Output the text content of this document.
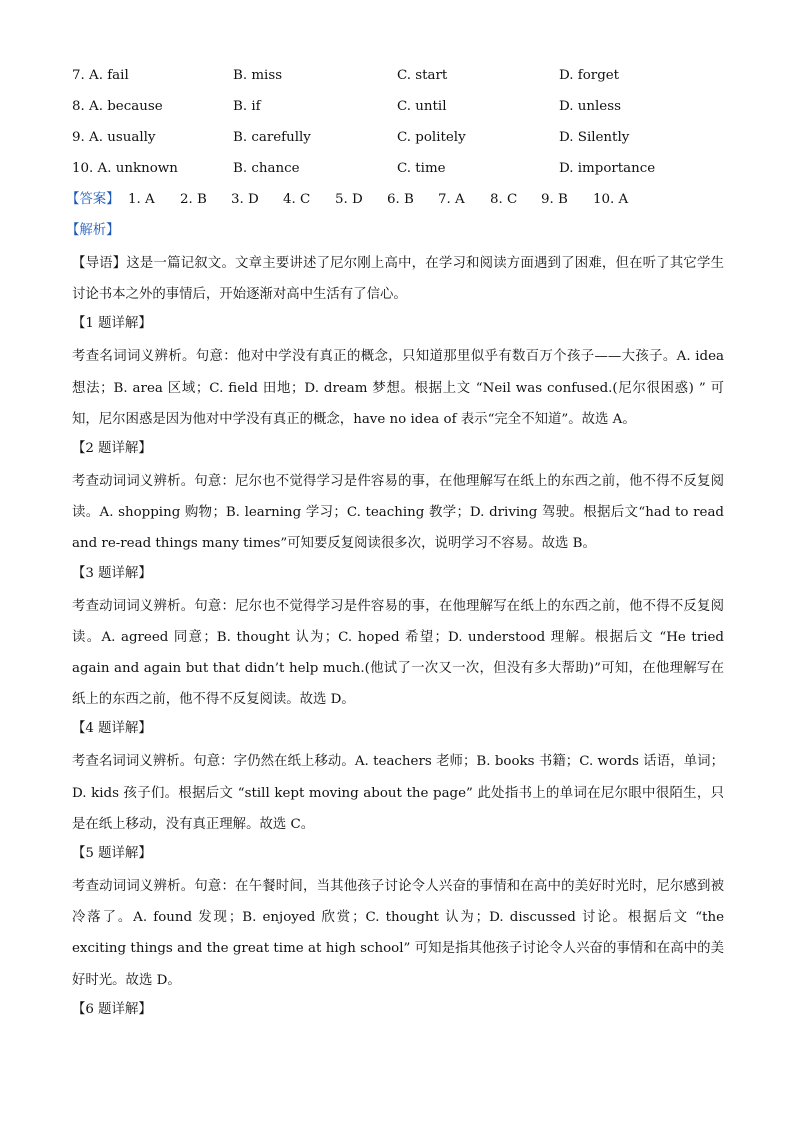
7. A. fail	B. miss	C. start	D. forget
8. A. because	B. if	C. until	D. unless
9. A. usually	B. carefully	C. politely	D. Silently
10. A. unknown	B. chance	C. time	D. importance
【答案】 1. A 2. B 3. D 4. C 5. D 6. B 7. A 8. C 9. B 10. A
【解析】

【导语】这是一篇记叙文。文章主要讲述了尼尔刚上高中，在学习和阅读方面遇到了困难，但在听了其它学生讨论书本之外的事情后，开始逐渐对高中生活有了信心。

【1 题详解】

考查名词词义辨析。句意：他对中学没有真正的概念，只知道那里似乎有数百万个孩子——大孩子。A. idea 想法；B. area 区域；C. field 田地；D. dream 梦想。根据上文 “Neil was confused.(尼尔很困惑) ” 可知，尼尔困惑是因为他对中学没有真正的概念，have no idea of 表示“完全不知道”。故选 A。

【2 题详解】

考查动词词义辨析。句意：尼尔也不觉得学习是件容易的事，在他理解写在纸上的东西之前，他不得不反复阅读。A. shopping 购物；B. learning 学习；C. teaching 教学；D. driving 驾驶。根据后文“had to read and re-read things many times”可知要反复阅读很多次，说明学习不容易。故选 B。

【3 题详解】

考查动词词义辨析。句意：尼尔也不觉得学习是件容易的事，在他理解写在纸上的东西之前，他不得不反复阅读。A. agreed 同意；B. thought 认为；C. hoped 希望；D. understood 理解。根据后文 “He tried again and again but that didn’t help much.(他试了一次又一次，但没有多大帮助)”可知，在他理解写在纸上的东西之前，他不得不反复阅读。故选 D。

【4 题详解】

考查名词词义辨析。句意：字仍然在纸上移动。A. teachers 老师；B. books 书籍；C. words 话语，单词；D. kids 孩子们。根据后文 “still kept moving about the page” 此处指书上的单词在尼尔眼中很陌生，只是在纸上移动，没有真正理解。故选 C。

【5 题详解】

考查动词词义辨析。句意：在午餐时间，当其他孩子讨论令人兴奋的事情和在高中的美好时光时，尼尔感到被冷落了。A. found 发现；B. enjoyed 欣赏；C. thought 认为；D. discussed 讨论。根据后文 “the exciting things and the great time at high school” 可知是指其他孩子讨论令人兴奋的事情和在高中的美好时光。故选 D。

【6 题详解】
